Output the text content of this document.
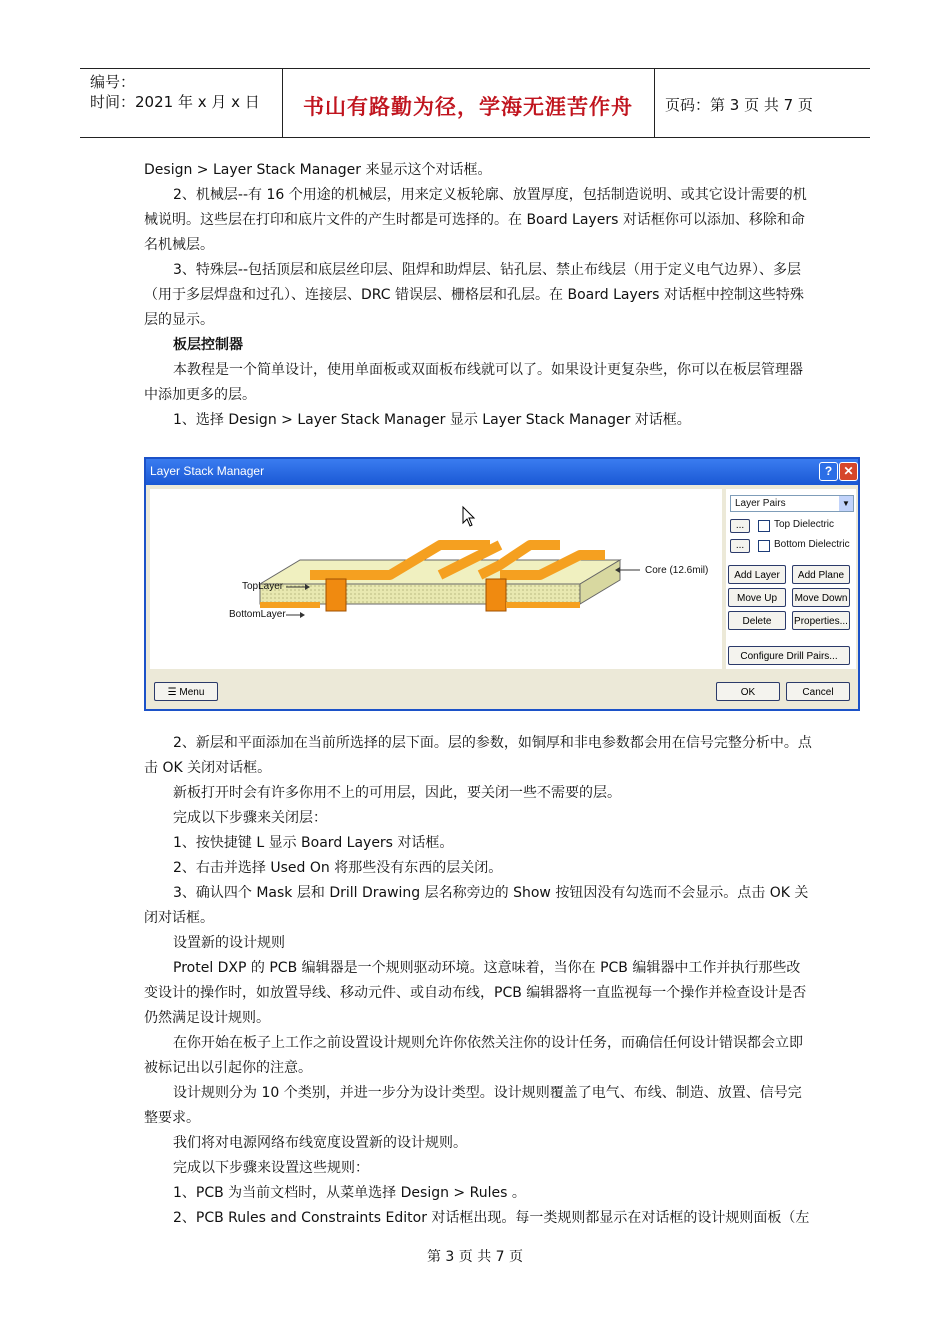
编号：
时间：2021 年 x 月 x 日	书山有路勤为径，学海无涯苦作舟	页码：第 3 页 共 7 页

Design > Layer Stack Manager 来显示这个对话框。

2、机械层--有 16 个用途的机械层，用来定义板轮廓、放置厚度，包括制造说明、或其它设计需要的机械说明。这些层在打印和底片文件的产生时都是可选择的。在 Board Layers 对话框你可以添加、移除和命名机械层。

3、特殊层--包括顶层和底层丝印层、阻焊和助焊层、钻孔层、禁止布线层（用于定义电气边界）、多层（用于多层焊盘和过孔）、连接层、DRC 错误层、栅格层和孔层。在 Board Layers 对话框中控制这些特殊层的显示。

板层控制器

本教程是一个简单设计，使用单面板或双面板布线就可以了。如果设计更复杂些，你可以在板层管理器中添加更多的层。

1、选择 Design > Layer Stack Manager 显示 Layer Stack Manager 对话框。

Layer Stack Manager	? ✕
TopLayer
BottomLayer
Core (12.6mil)
Layer Pairs	▼
...	Top Dielectric
...	Bottom Dielectric
Add Layer	Add Plane
Move Up	Move Down
Delete	Properties...
Configure Drill Pairs...
☰ Menu	OK	Cancel

2、新层和平面添加在当前所选择的层下面。层的参数，如铜厚和非电参数都会用在信号完整分析中。点击 OK 关闭对话框。

新板打开时会有许多你用不上的可用层，因此，要关闭一些不需要的层。

完成以下步骤来关闭层：

1、按快捷键 L 显示 Board Layers 对话框。

2、右击并选择 Used On 将那些没有东西的层关闭。

3、确认四个 Mask 层和 Drill Drawing 层名称旁边的 Show 按钮因没有勾选而不会显示。点击 OK 关闭对话框。

设置新的设计规则

Protel DXP 的 PCB 编辑器是一个规则驱动环境。这意味着，当你在 PCB 编辑器中工作并执行那些改变设计的操作时，如放置导线、移动元件、或自动布线，PCB 编辑器将一直监视每一个操作并检查设计是否仍然满足设计规则。

在你开始在板子上工作之前设置设计规则允许你依然关注你的设计任务，而确信任何设计错误都会立即被标记出以引起你的注意。

设计规则分为 10 个类别，并进一步分为设计类型。设计规则覆盖了电气、布线、制造、放置、信号完整要求。

我们将对电源网络布线宽度设置新的设计规则。

完成以下步骤来设置这些规则：

1、PCB 为当前文档时，从菜单选择 Design > Rules 。

2、PCB Rules and Constraints Editor 对话框出现。每一类规则都显示在对话框的设计规则面板（左

第 3 页 共 7 页
